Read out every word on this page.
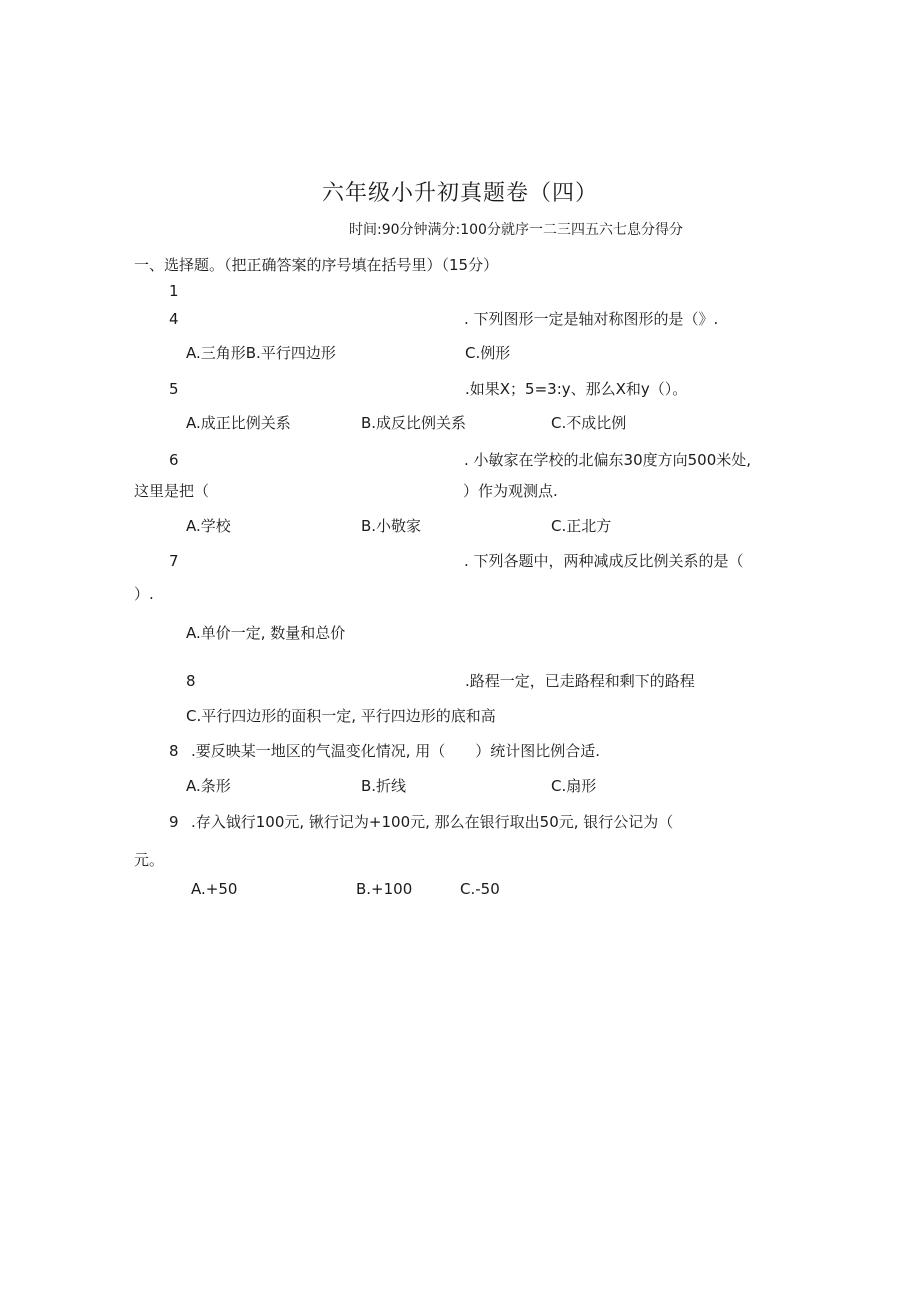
六年级小升初真题卷（四）
时间:90分钟满分:100分就序一二三四五六七息分得分
一、选择题。（把正确答案的序号填在括号里）（15分）
1
4	. 下列图形一定是轴对称图形的是（》.
A.三角形B.平行四边形	C.例形
5	.如果X；5=3:y、那么X和y（）。
A.成正比例关系	B.成反比例关系	C.不成比例
6	. 小敏家在学校的北偏东30度方向500米处,
这里是把（	）作为观测点.
A.学校	B.小敬家	C.正北方
7	. 下列各题中，两种减成反比例关系的是（
）.
A.单价一定, 数量和总价
8	.路程一定，已走路程和剩下的路程
C.平行四边形的面积一定, 平行四边形的底和高
8 .要反映某一地区的气温变化情况, 用（　　）统计图比例合适.
A.条形	B.折线	C.扇形
9 .存入钺行100元, 锹行记为+100元, 那么在银行取出50元, 银行公记为（
元。
A.+50	B.+100	C.-50
